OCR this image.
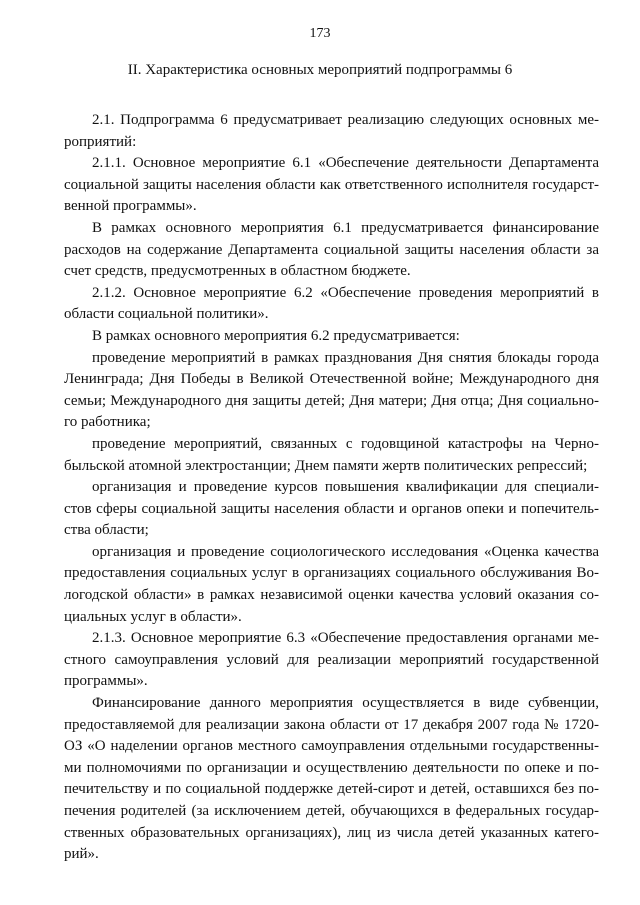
173
II. Характеристика основных мероприятий подпрограммы 6
2.1. Подпрограмма 6 предусматривает реализацию следующих основных ме-
роприятий:
2.1.1. Основное мероприятие 6.1 «Обеспечение деятельности Департамента
социальной защиты населения области как ответственного исполнителя государст-
венной программы».
В рамках основного мероприятия 6.1 предусматривается финансирование
расходов на содержание Департамента социальной защиты населения области за
счет средств, предусмотренных в областном бюджете.
2.1.2. Основное мероприятие 6.2 «Обеспечение проведения мероприятий в
области социальной политики».
В рамках основного мероприятия 6.2 предусматривается:
проведение мероприятий в рамках празднования Дня снятия блокады города
Ленинграда; Дня Победы в Великой Отечественной войне; Международного дня
семьи; Международного дня защиты детей; Дня матери; Дня отца; Дня социально-
го работника;
проведение мероприятий, связанных с годовщиной катастрофы на Черно-
быльской атомной электростанции; Днем памяти жертв политических репрессий;
организация и проведение курсов повышения квалификации для специали-
стов сферы социальной защиты населения области и органов опеки и попечитель-
ства области;
организация и проведение социологического исследования «Оценка качества
предоставления социальных услуг в организациях социального обслуживания Во-
логодской области» в рамках независимой оценки качества условий оказания со-
циальных услуг в области».
2.1.3. Основное мероприятие 6.3 «Обеспечение предоставления органами ме-
стного самоуправления условий для реализации мероприятий государственной
программы».
Финансирование данного мероприятия осуществляется в виде субвенции,
предоставляемой для реализации закона области от 17 декабря 2007 года № 1720-
ОЗ «О наделении органов местного самоуправления отдельными государственны-
ми полномочиями по организации и осуществлению деятельности по опеке и по-
печительству и по социальной поддержке детей-сирот и детей, оставшихся без по-
печения родителей (за исключением детей, обучающихся в федеральных государ-
ственных образовательных организациях), лиц из числа детей указанных катего-
рий».
